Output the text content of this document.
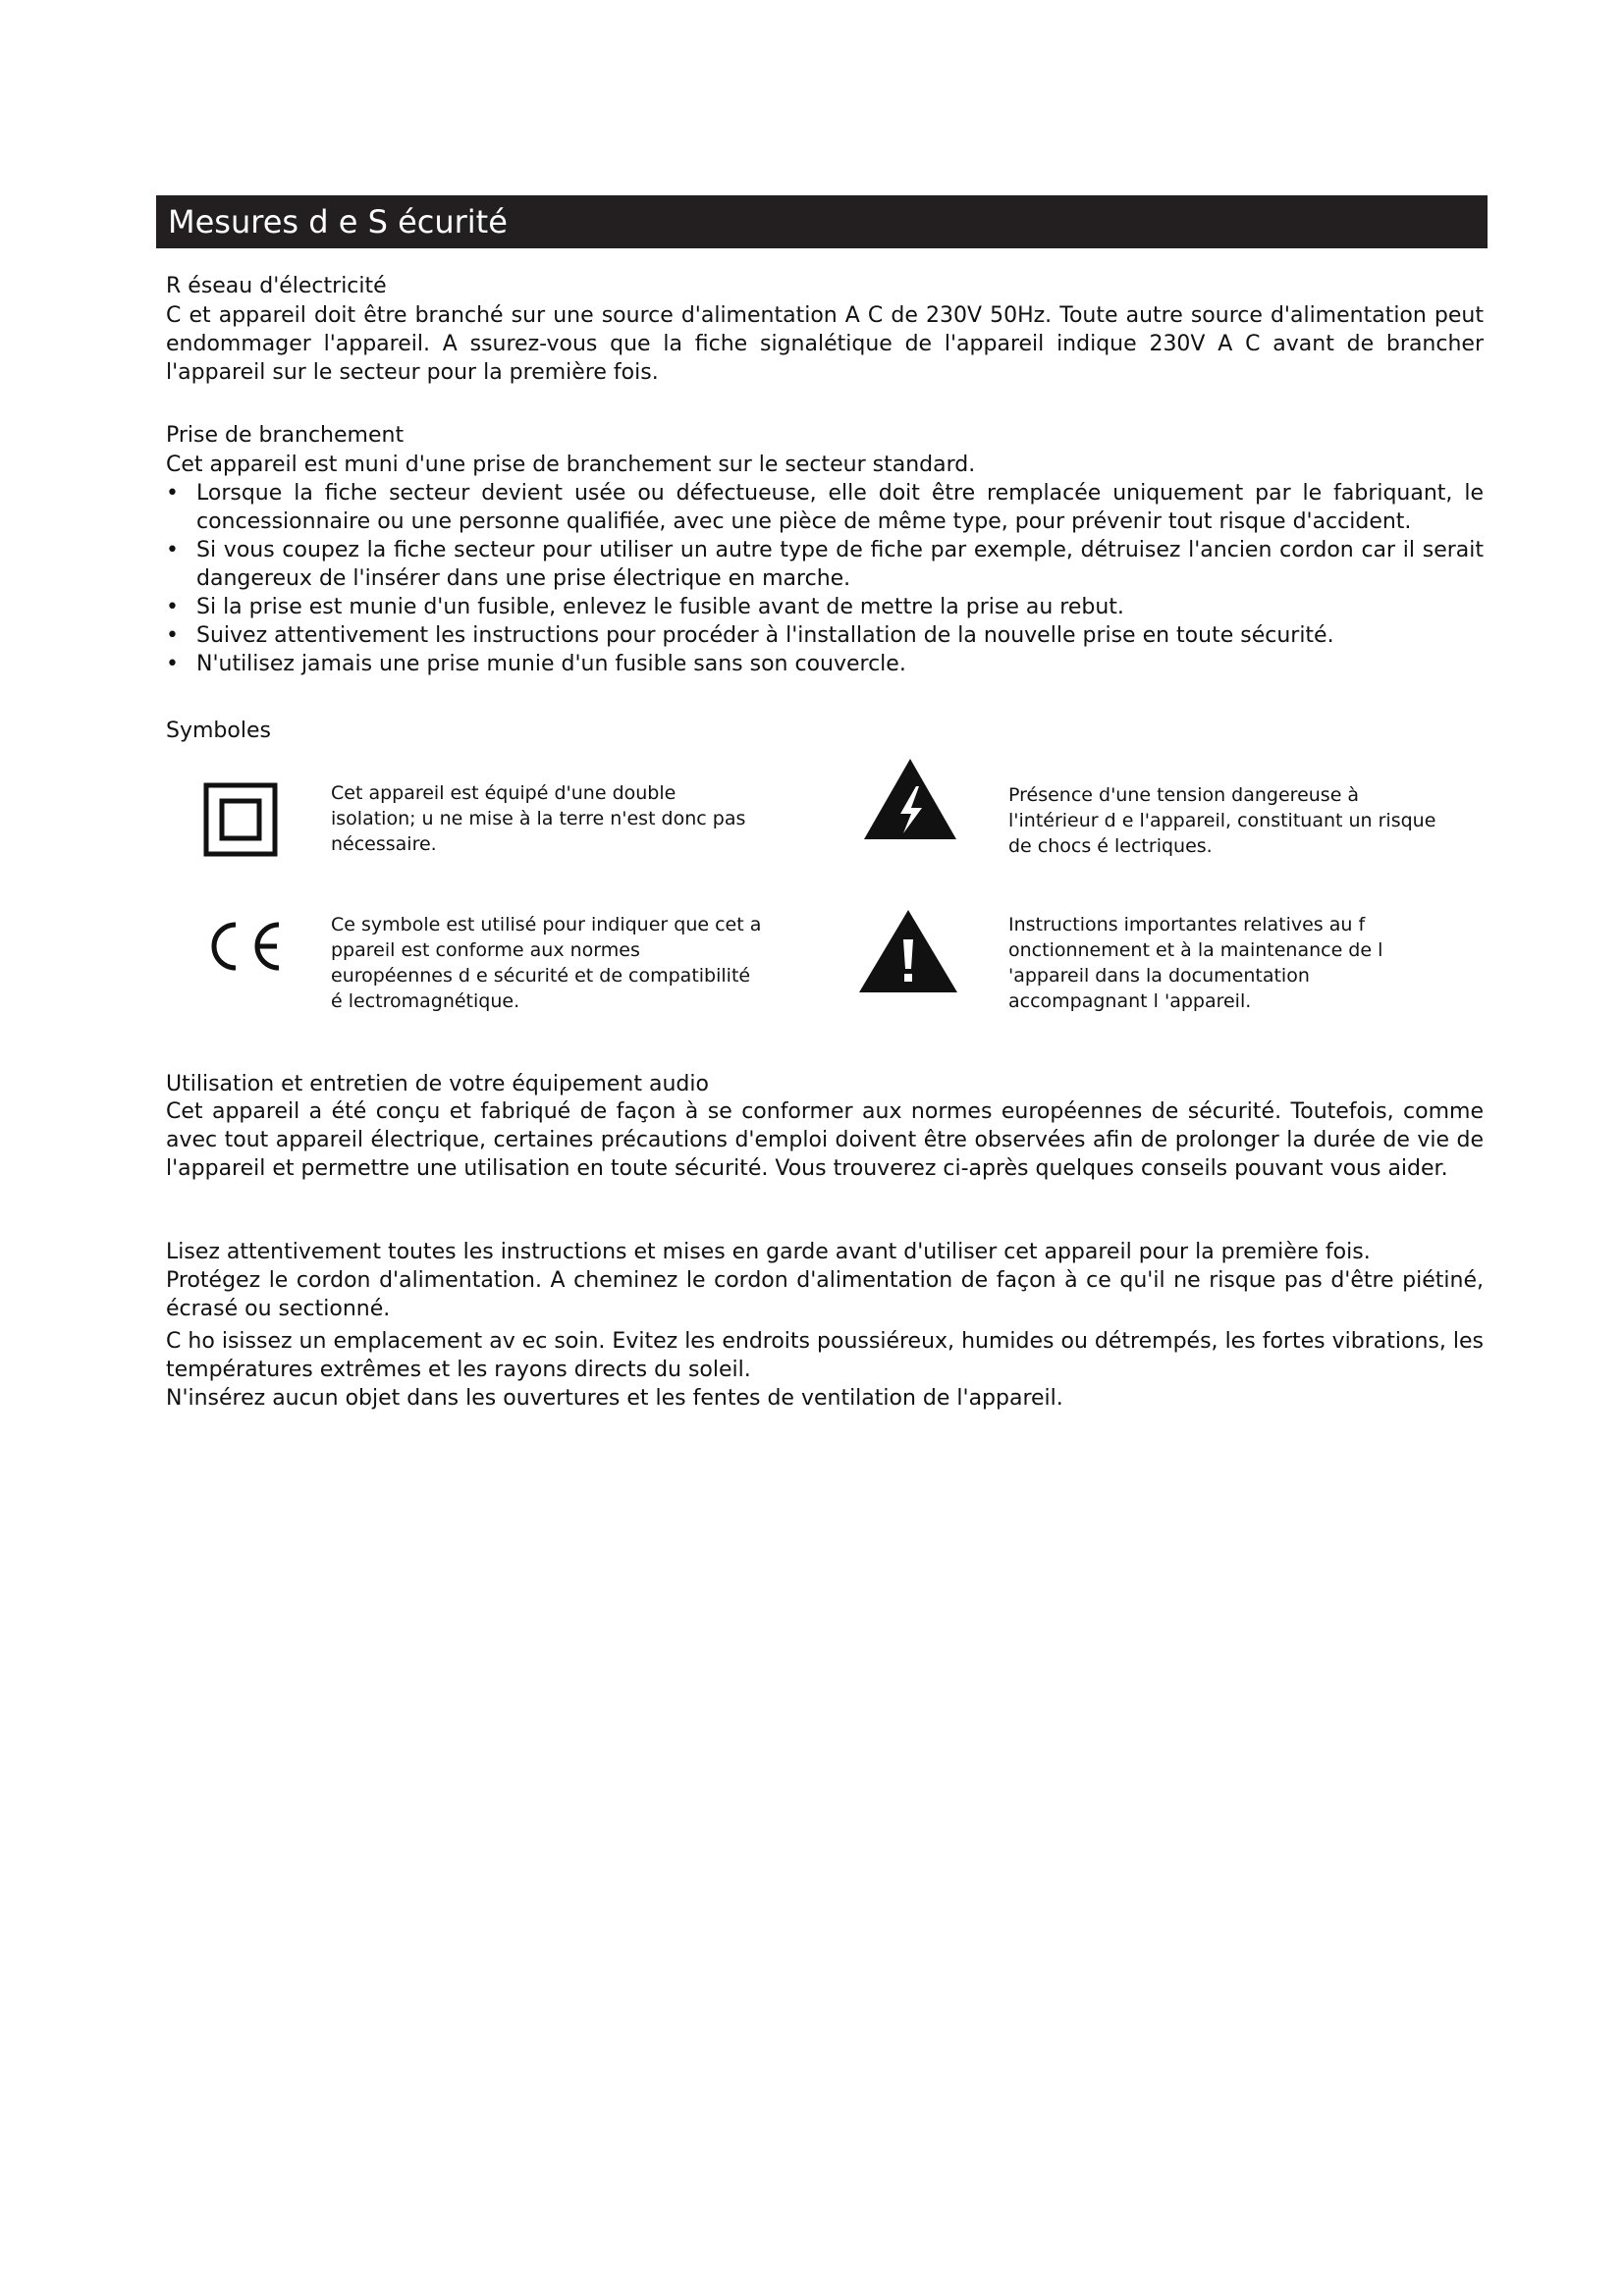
Mesures d e S écurité
R éseau d'électricité
C et appareil doit être branché sur une source d'alimentation A C de 230V 50Hz. Toute autre source d'alimentation peut endommager l'appareil. A ssurez-vous que la fiche signalétique de l'appareil indique 230V A C avant de brancher l'appareil sur le secteur pour la première fois.
Prise de branchement
Cet appareil est muni d'une prise de branchement sur le secteur standard.
• Lorsque la fiche secteur devient usée ou défectueuse, elle doit être remplacée uniquement par le fabriquant, le concessionnaire ou une personne qualifiée, avec une pièce de même type, pour prévenir tout risque d'accident.
• Si vous coupez la fiche secteur pour utiliser un autre type de fiche par exemple, détruisez l'ancien cordon car il serait dangereux de l'insérer dans une prise électrique en marche.
• Si la prise est munie d'un fusible, enlevez le fusible avant de mettre la prise au rebut.
• Suivez attentivement les instructions pour procéder à l'installation de la nouvelle prise en toute sécurité.
• N'utilisez jamais une prise munie d'un fusible sans son couvercle.
Symboles
Cet appareil est équipé d'une double isolation; u ne mise à la terre n'est donc pas nécessaire.
Présence d'une tension dangereuse à l'intérieur d e l'appareil, constituant un risque de chocs é lectriques.
Ce symbole est utilisé pour indiquer que cet a ppareil est conforme aux normes européennes d e sécurité et de compatibilité é lectromagnétique.
Instructions importantes relatives au f onctionnement et à la maintenance de l 'appareil dans la documentation accompagnant l 'appareil.
Utilisation et entretien de votre équipement audio
Cet appareil a été conçu et fabriqué de façon à se conformer aux normes européennes de sécurité. Toutefois, comme avec tout appareil électrique, certaines précautions d'emploi doivent être observées afin de prolonger la durée de vie de l'appareil et permettre une utilisation en toute sécurité. Vous trouverez ci-après quelques conseils pouvant vous aider.
Lisez attentivement toutes les instructions et mises en garde avant d'utiliser cet appareil pour la première fois.
Protégez le cordon d'alimentation. A cheminez le cordon d'alimentation de façon à ce qu'il ne risque pas d'être piétiné, écrasé ou sectionné.
C ho isissez un emplacement av ec soin. Evitez les endroits poussiéreux, humides ou détrempés, les fortes vibrations, les températures extrêmes et les rayons directs du soleil.
N'insérez aucun objet dans les ouvertures et les fentes de ventilation de l'appareil.
